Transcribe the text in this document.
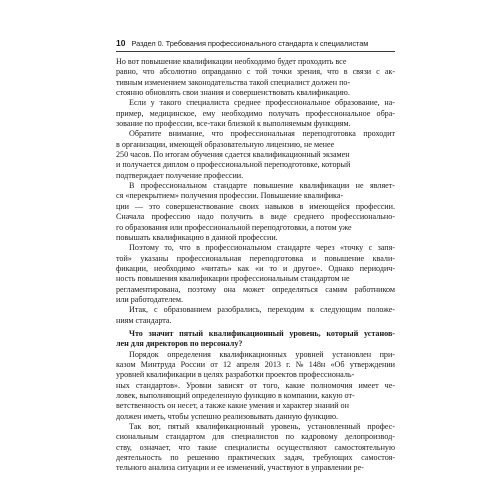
10 Раздел 0. Требования профессионального стандарта к специалистам
Но вот повышение квалификации необходимо будет проходить все
равно, что абсолютно оправданно с той точки зрения, что в связи с ак-
тивным изменением законодательства такой специалист должен по-
стоянно обновлять свои знания и совершенствовать квалификацию.
Если у такого специалиста среднее профессиональное образование, на-
пример, медицинское, ему необходимо получать профессиональное обра-
зование по профессии, все-таки близкой к выполняемым функциям.
Обратите внимание, что профессиональная переподготовка проходит
в организации, имеющей образовательную лицензию, не менее
250 часов. По итогам обучения сдается квалификационный экзамен
и получается диплом о профессиональной переподготовке, который
подтверждает получение профессии.
В профессиональном стандарте повышение квалификации не являет-
ся «перекрытием» получения профессии. Повышение квалифика-
ции — это совершенствование своих навыков в имеющейся профессии.
Сначала профессию надо получить в виде среднего профессионально-
го образования или профессиональной переподготовки, а потом уже
повышать квалификацию в данной профессии.
Поэтому то, что в профессиональном стандарте через «точку с запя-
той» указаны профессиональная переподготовка и повышение квали-
фикации, необходимо «читать» как «и то и другое». Однако периодич-
ность повышения квалификации профессиональным стандартом не
регламентирована, поэтому она может определяться самим работником
или работодателем.
Итак, с образованием разобрались, переходим к следующим положе-
ниям стандарта.
Что значит пятый квалификационный уровень, который установ-
лен для директоров по персоналу?
Порядок определения квалификационных уровней установлен при-
казом Минтруда России от 12 апреля 2013 г. № 148н «Об утверждении
уровней квалификации в целях разработки проектов профессиональ-
ных стандартов». Уровни зависят от того, какие полномочия имеет че-
ловек, выполняющий определенную функцию в компании, какую от-
ветственность он несет, а также какие умения и характер знаний он
должен иметь, чтобы успешно реализовывать данную функцию.
Так вот, пятый квалификационный уровень, установленный профес-
сиональным стандартом для специалистов по кадровому делопроизвод-
ству, означает, что такие специалисты осуществляют самостоятельную
деятельность по решению практических задач, требующих самостоя-
тельного анализа ситуации и ее изменений, участвуют в управлении ре-
